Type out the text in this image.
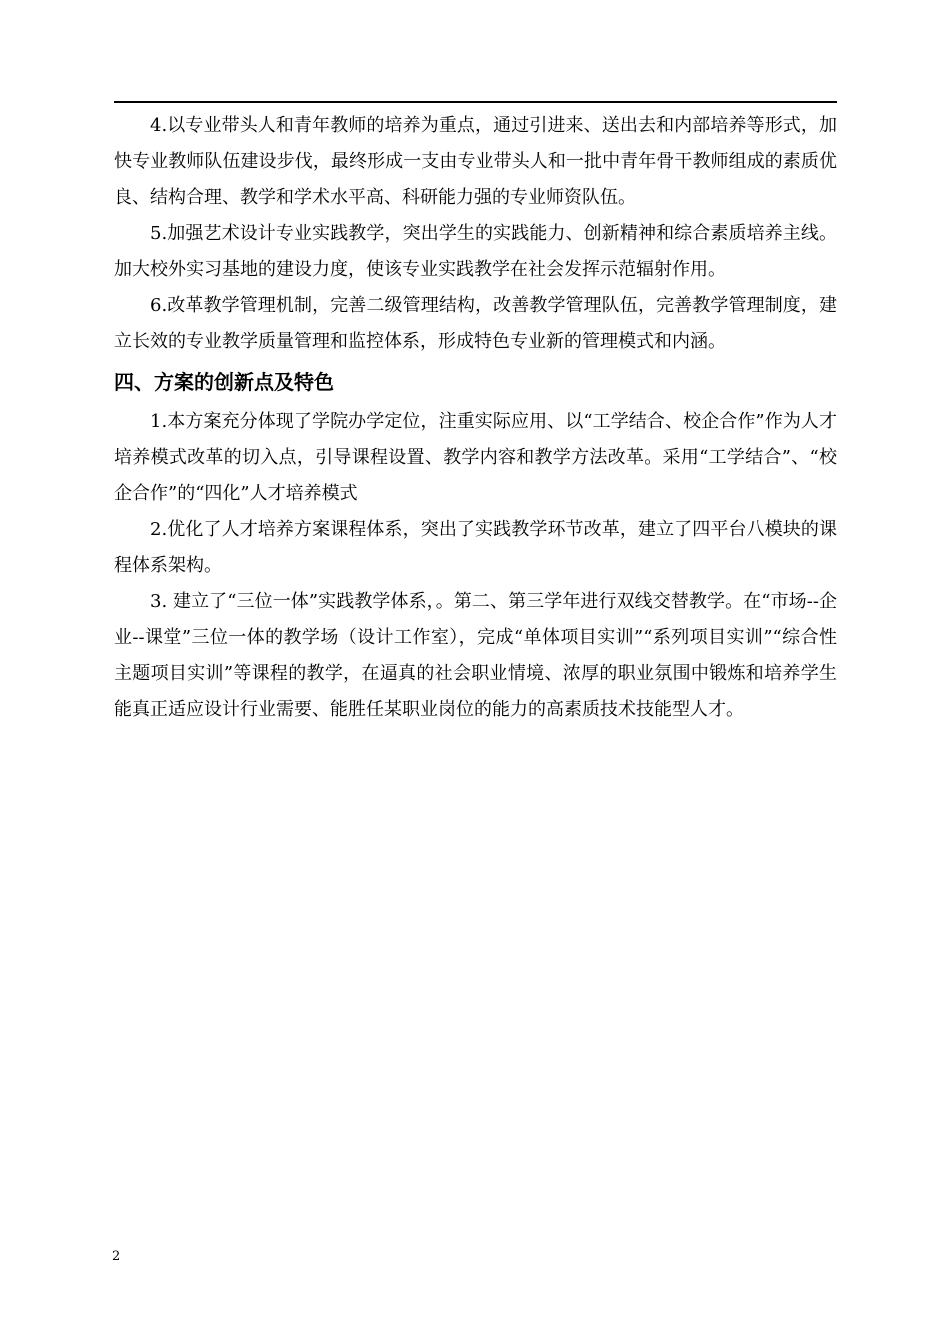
4.以专业带头人和青年教师的培养为重点，通过引进来、送出去和内部培养等形式，加快专业教师队伍建设步伐，最终形成一支由专业带头人和一批中青年骨干教师组成的素质优良、结构合理、教学和学术水平高、科研能力强的专业师资队伍。

5.加强艺术设计专业实践教学，突出学生的实践能力、创新精神和综合素质培养主线。加大校外实习基地的建设力度，使该专业实践教学在社会发挥示范辐射作用。

6.改革教学管理机制，完善二级管理结构，改善教学管理队伍，完善教学管理制度，建立长效的专业教学质量管理和监控体系，形成特色专业新的管理模式和内涵。

四、方案的创新点及特色

1.本方案充分体现了学院办学定位，注重实际应用、以“工学结合、校企合作”作为人才培养模式改革的切入点，引导课程设置、教学内容和教学方法改革。采用“工学结合”、“校企合作”的“四化”人才培养模式

2.优化了人才培养方案课程体系，突出了实践教学环节改革，建立了四平台八模块的课程体系架构。

3. 建立了“三位一体”实践教学体系，。第二、第三学年进行双线交替教学。在“市场--企业--课堂”三位一体的教学场（设计工作室），完成“单体项目实训”“系列项目实训”“综合性主题项目实训”等课程的教学，在逼真的社会职业情境、浓厚的职业氛围中锻炼和培养学生能真正适应设计行业需要、能胜任某职业岗位的能力的高素质技术技能型人才。

2
